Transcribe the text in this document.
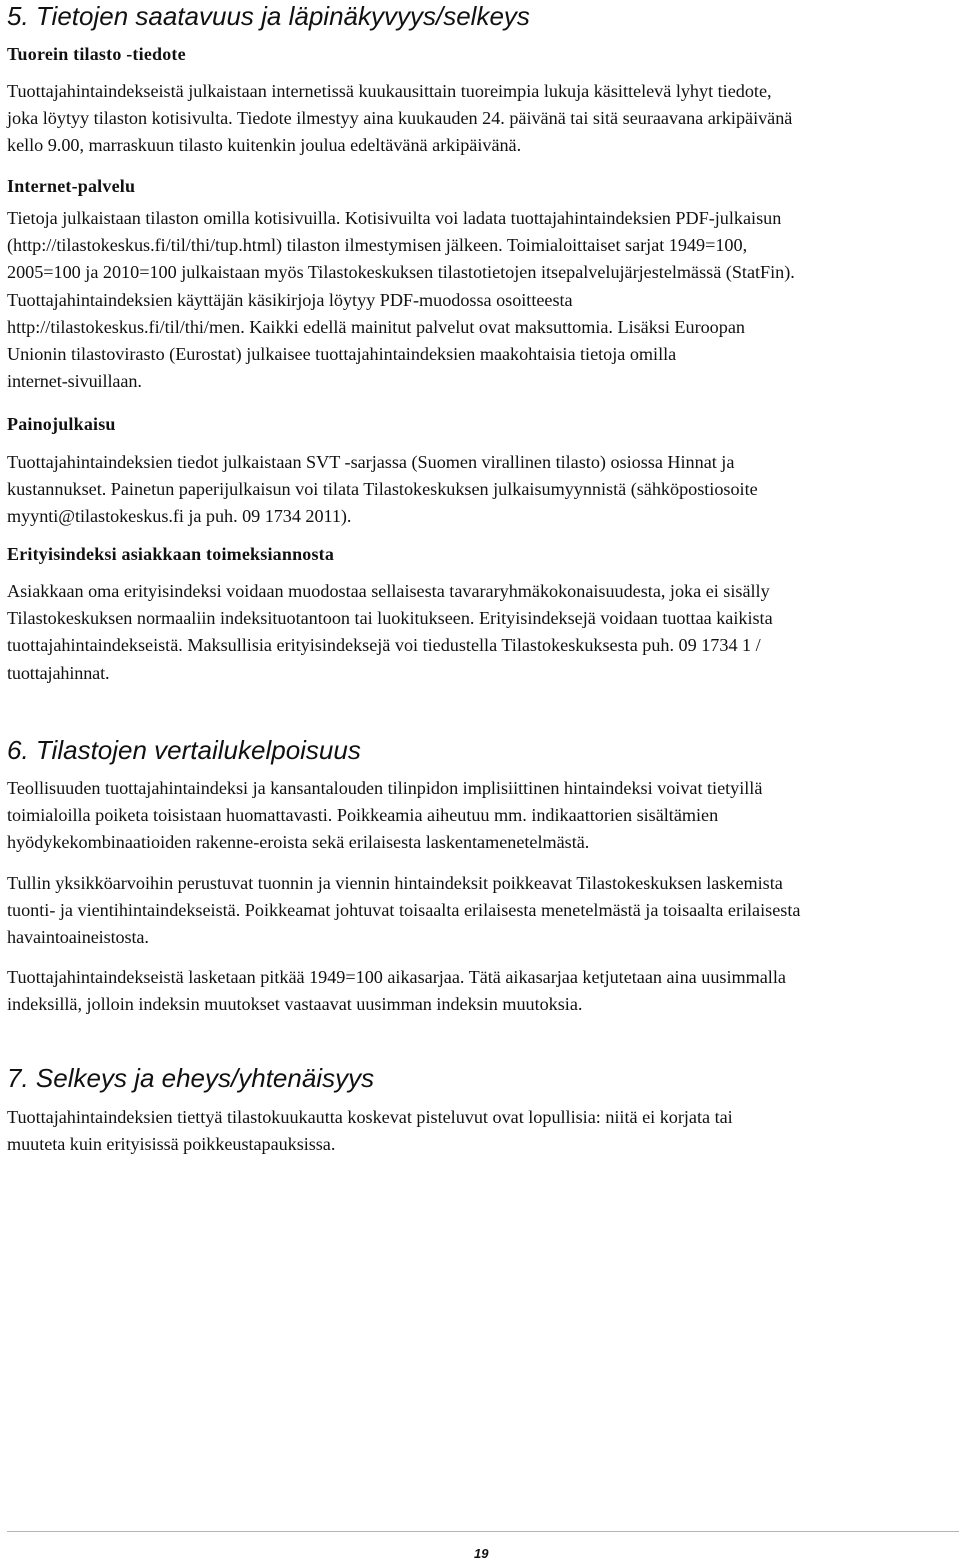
5. Tietojen saatavuus ja läpinäkyvyys/selkeys
Tuorein tilasto -tiedote

Tuottajahintaindekseistä julkaistaan internetissä kuukausittain tuoreimpia lukuja käsittelevä lyhyt tiedote,
joka löytyy tilaston kotisivulta. Tiedote ilmestyy aina kuukauden 24. päivänä tai sitä seuraavana arkipäivänä
kello 9.00, marraskuun tilasto kuitenkin joulua edeltävänä arkipäivänä.

Internet-palvelu

Tietoja julkaistaan tilaston omilla kotisivuilla. Kotisivuilta voi ladata tuottajahintaindeksien PDF-julkaisun
(http://tilastokeskus.fi/til/thi/tup.html) tilaston ilmestymisen jälkeen. Toimialoittaiset sarjat 1949=100,
2005=100 ja 2010=100 julkaistaan myös Tilastokeskuksen tilastotietojen itsepalvelujärjestelmässä (StatFin).
Tuottajahintaindeksien käyttäjän käsikirjoja löytyy PDF-muodossa osoitteesta
http://tilastokeskus.fi/til/thi/men. Kaikki edellä mainitut palvelut ovat maksuttomia. Lisäksi Euroopan
Unionin tilastovirasto (Eurostat) julkaisee tuottajahintaindeksien maakohtaisia tietoja omilla
internet-sivuillaan.

Painojulkaisu

Tuottajahintaindeksien tiedot julkaistaan SVT -sarjassa (Suomen virallinen tilasto) osiossa Hinnat ja
kustannukset. Painetun paperijulkaisun voi tilata Tilastokeskuksen julkaisumyynnistä (sähköpostiosoite
myynti@tilastokeskus.fi ja puh. 09 1734 2011).

Erityisindeksi asiakkaan toimeksiannosta

Asiakkaan oma erityisindeksi voidaan muodostaa sellaisesta tavararyhmäkokonaisuudesta, joka ei sisälly
Tilastokeskuksen normaaliin indeksituotantoon tai luokitukseen. Erityisindeksejä voidaan tuottaa kaikista
tuottajahintaindekseistä. Maksullisia erityisindeksejä voi tiedustella Tilastokeskuksesta puh. 09 1734 1 /
tuottajahinnat.

6. Tilastojen vertailukelpoisuus

Teollisuuden tuottajahintaindeksi ja kansantalouden tilinpidon implisiittinen hintaindeksi voivat tietyillä
toimialoilla poiketa toisistaan huomattavasti. Poikkeamia aiheutuu mm. indikaattorien sisältämien
hyödykekombinaatioiden rakenne-eroista sekä erilaisesta laskentamenetelmästä.

Tullin yksikköarvoihin perustuvat tuonnin ja viennin hintaindeksit poikkeavat Tilastokeskuksen laskemista
tuonti- ja vientihintaindekseistä. Poikkeamat johtuvat toisaalta erilaisesta menetelmästä ja toisaalta erilaisesta
havaintoaineistosta.

Tuottajahintaindekseistä lasketaan pitkää 1949=100 aikasarjaa. Tätä aikasarjaa ketjutetaan aina uusimmalla
indeksillä, jolloin indeksin muutokset vastaavat uusimman indeksin muutoksia.

7. Selkeys ja eheys/yhtenäisyys

Tuottajahintaindeksien tiettyä tilastokuukautta koskevat pisteluvut ovat lopullisia: niitä ei korjata tai
muuteta kuin erityisissä poikkeustapauksissa.

19
